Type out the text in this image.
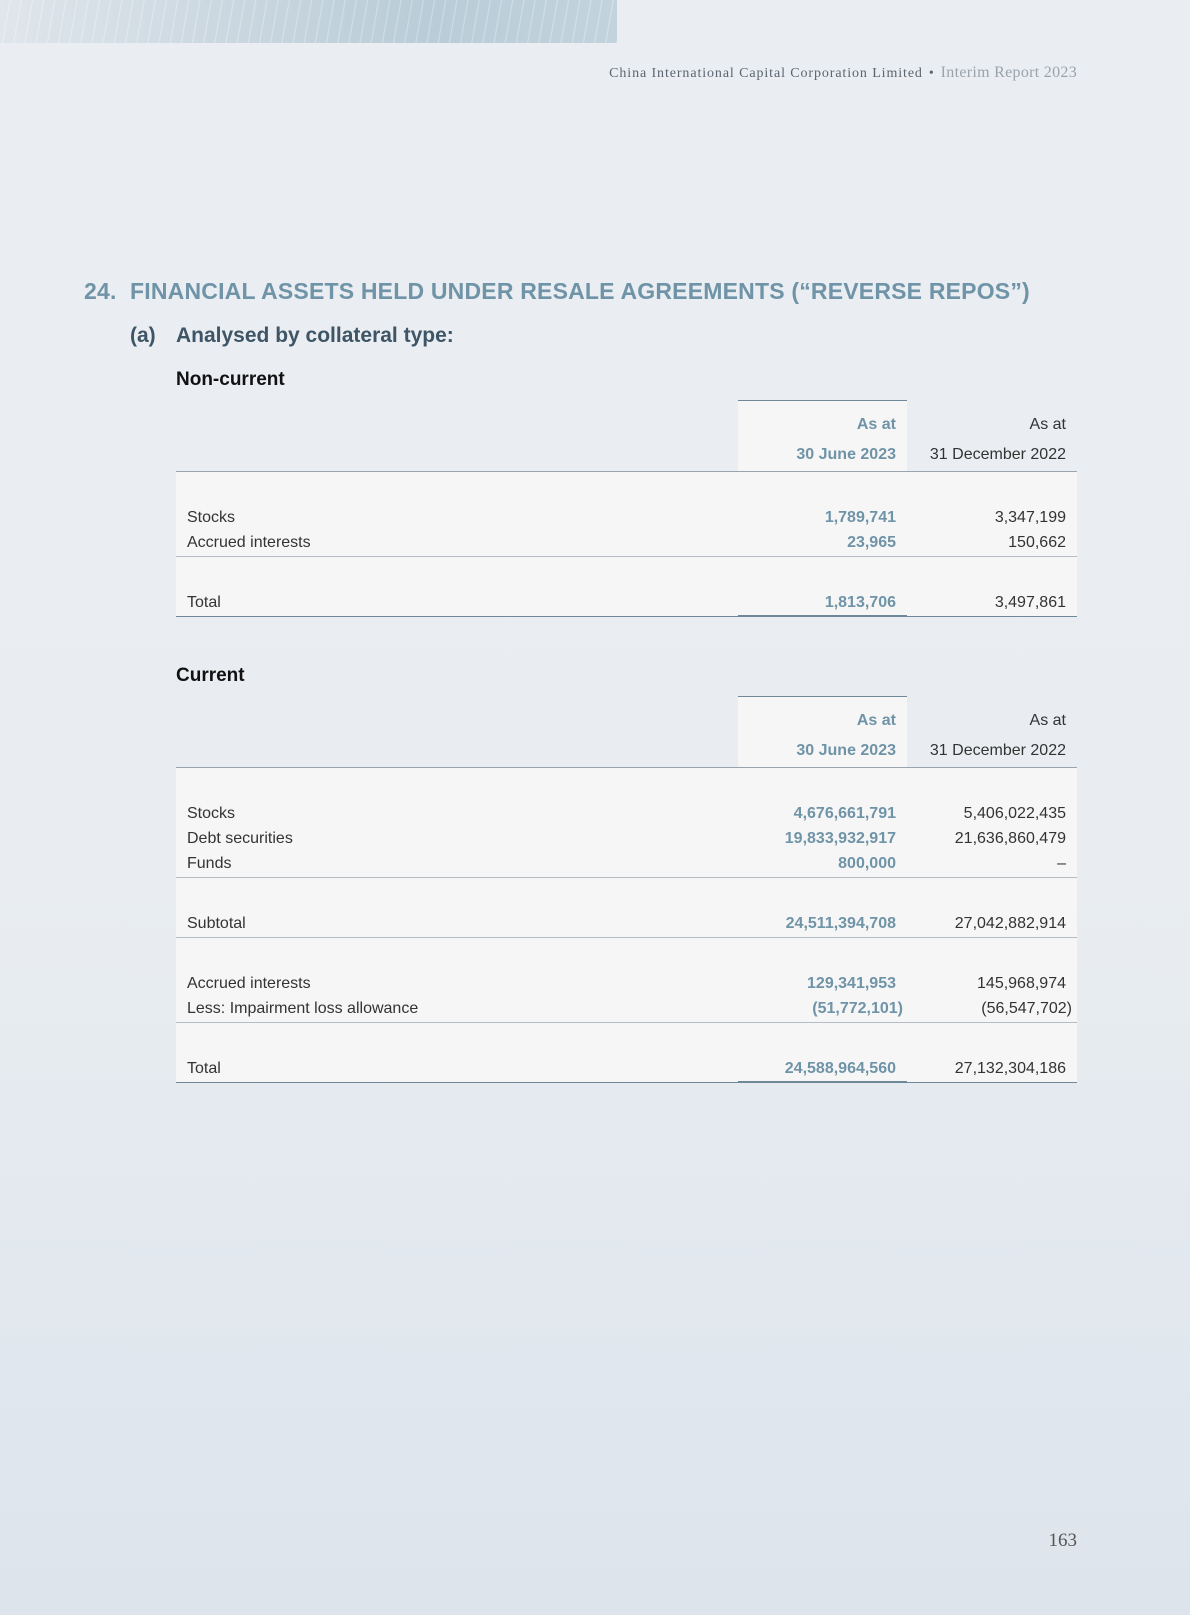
China International Capital Corporation Limited • Interim Report 2023
24. FINANCIAL ASSETS HELD UNDER RESALE AGREEMENTS (“REVERSE REPOS”)
(a) Analysed by collateral type:
Non-current
As at
30 June 2023
As at
31 December 2022
Stocks	1,789,741	3,347,199
Accrued interests	23,965	150,662
Total	1,813,706	3,497,861
Current
As at
30 June 2023
As at
31 December 2022
Stocks	4,676,661,791	5,406,022,435
Debt securities	19,833,932,917	21,636,860,479
Funds	800,000	–
Subtotal	24,511,394,708	27,042,882,914
Accrued interests	129,341,953	145,968,974
Less: Impairment loss allowance	(51,772,101)	(56,547,702)
Total	24,588,964,560	27,132,304,186
163
